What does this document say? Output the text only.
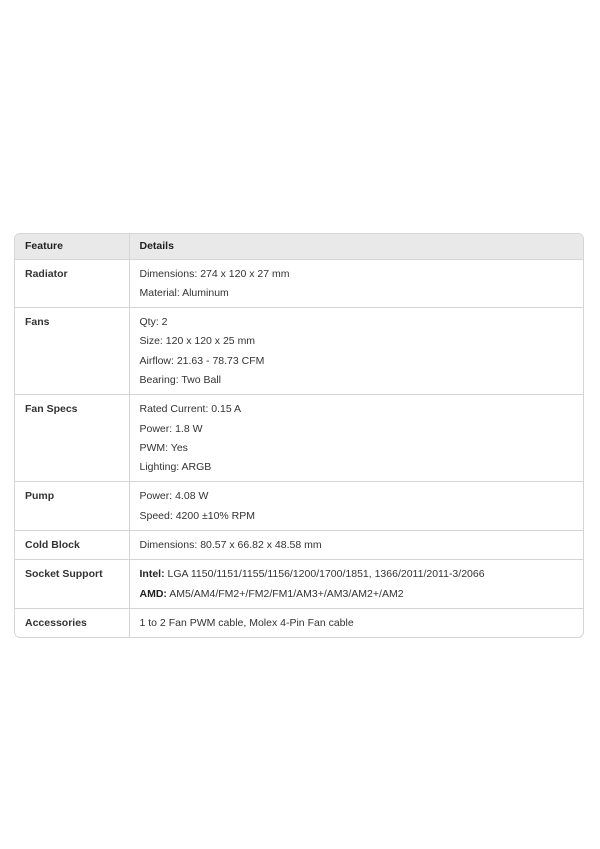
Feature	Details
Radiator	Dimensions: 274 x 120 x 27 mm
Material: Aluminum

Fans	Qty: 2
Size: 120 x 120 x 25 mm
Airflow: 21.63 - 78.73 CFM
Bearing: Two Ball

Fan Specs	Rated Current: 0.15 A
Power: 1.8 W
PWM: Yes
Lighting: ARGB

Pump	Power: 4.08 W
Speed: 4200 ±10% RPM

Cold Block	Dimensions: 80.57 x 66.82 x 48.58 mm

Socket Support	Intel: LGA 1150/1151/1155/1156/1200/1700/1851, 1366/2011/2011-3/2066
AMD: AM5/AM4/FM2+/FM2/FM1/AM3+/AM3/AM2+/AM2

Accessories	1 to 2 Fan PWM cable, Molex 4-Pin Fan cable
